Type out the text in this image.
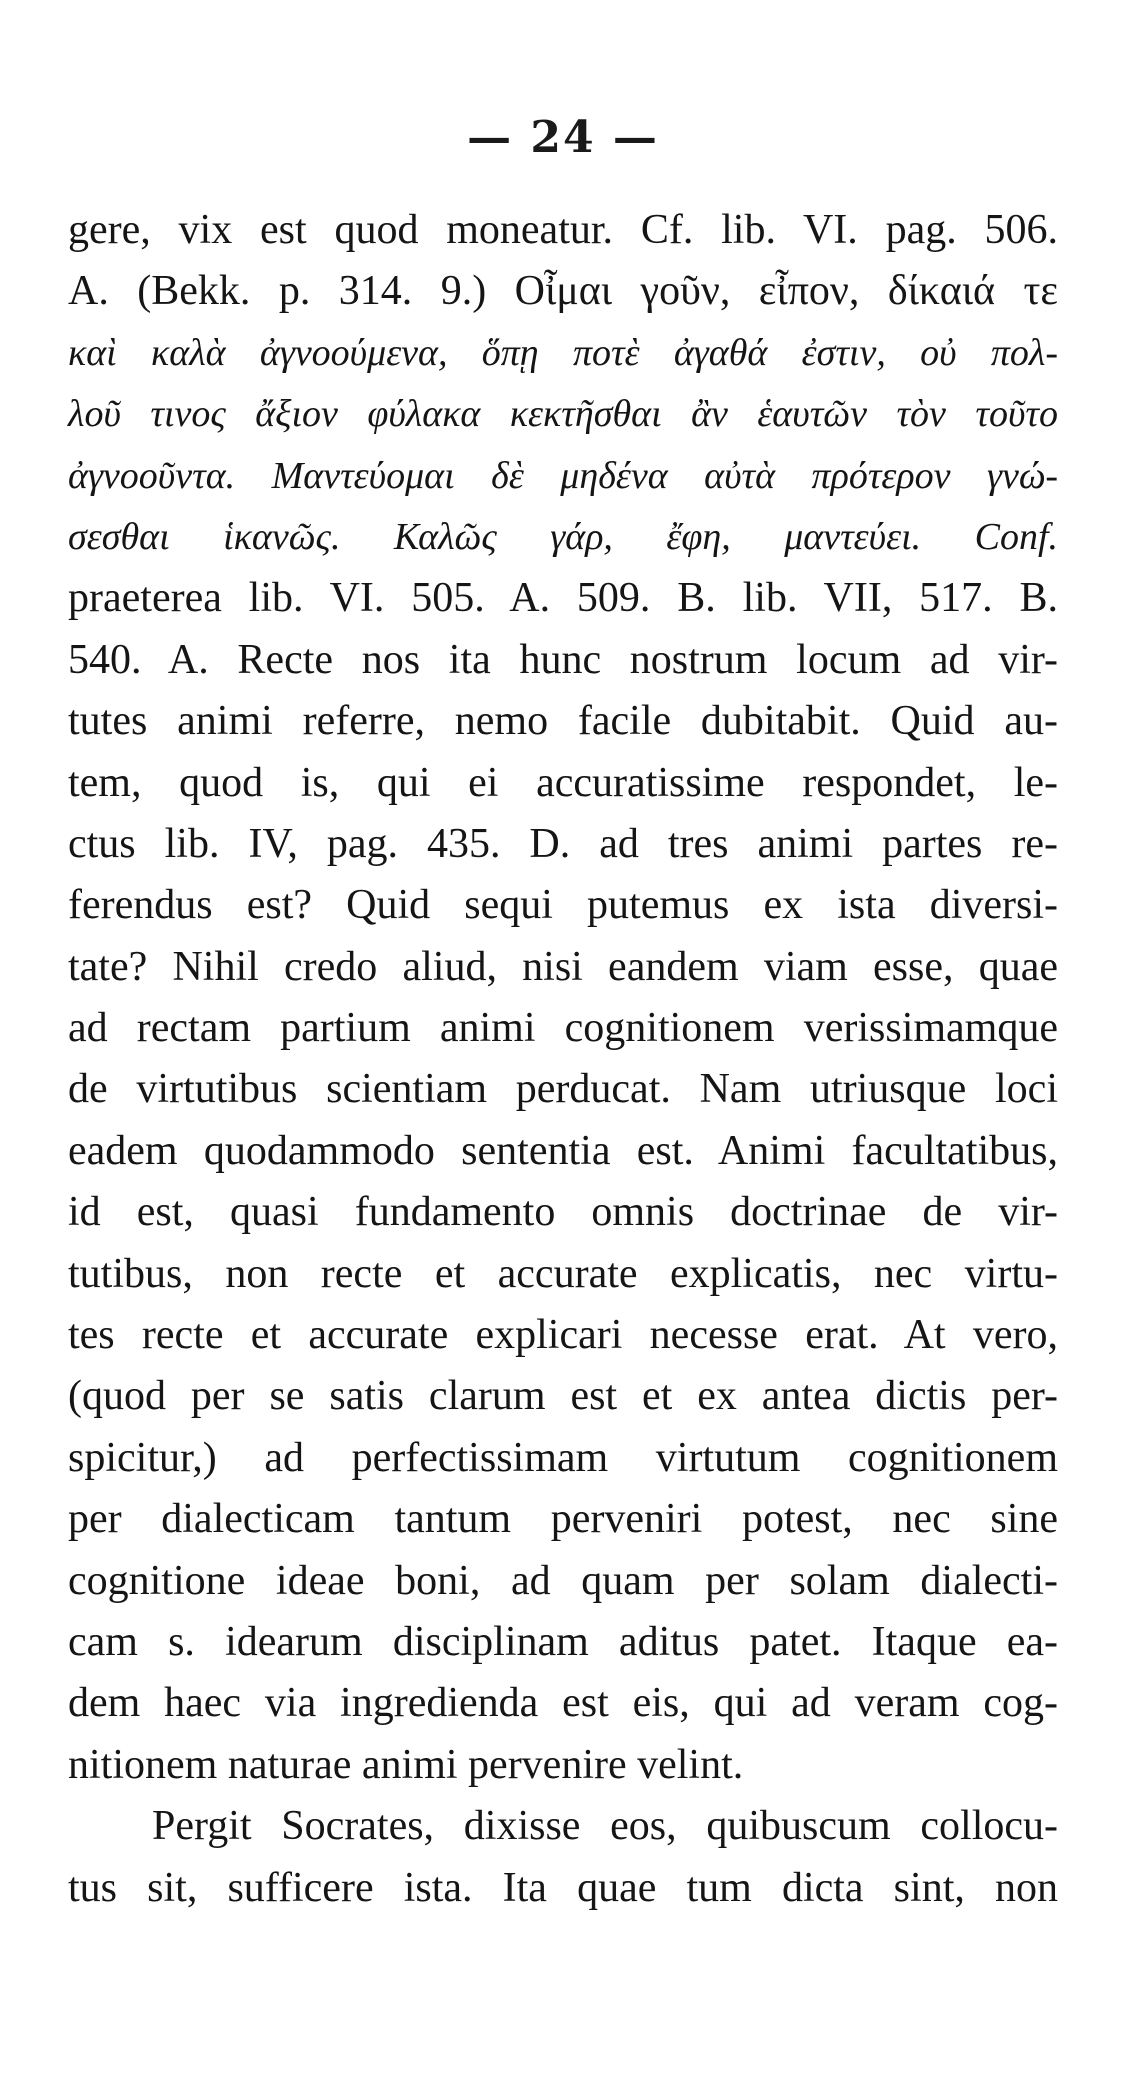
— 24 —
gere, vix est quod moneatur. Cf. lib. VI. pag. 506.
A. (Bekk. p. 314. 9.) Οἶμαι γοῦν, εἶπον, δίκαιά τε
καὶ καλὰ ἀγνοούμενα, ὅπῃ ποτὲ ἀγαθά ἐστιν, οὐ πολ-
λοῦ τινος ἄξιον φύλακα κεκτῆσθαι ἂν ἑαυτῶν τὸν τοῦτο
ἀγνοοῦντα. Μαντεύομαι δὲ μηδένα αὐτὰ πρότερον γνώ-
σεσθαι ἱκανῶς. Καλῶς γάρ, ἔφη, μαντεύει. Conf.
praeterea lib. VI. 505. A. 509. B. lib. VII, 517. B.
540. A. Recte nos ita hunc nostrum locum ad vir-
tutes animi referre, nemo facile dubitabit. Quid au-
tem, quod is, qui ei accuratissime respondet, le-
ctus lib. IV, pag. 435. D. ad tres animi partes re-
ferendus est? Quid sequi putemus ex ista diversi-
tate? Nihil credo aliud, nisi eandem viam esse, quae
ad rectam partium animi cognitionem verissimamque
de virtutibus scientiam perducat. Nam utriusque loci
eadem quodammodo sententia est. Animi facultatibus,
id est, quasi fundamento omnis doctrinae de vir-
tutibus, non recte et accurate explicatis, nec virtu-
tes recte et accurate explicari necesse erat. At vero,
(quod per se satis clarum est et ex antea dictis per-
spicitur,) ad perfectissimam virtutum cognitionem
per dialecticam tantum perveniri potest, nec sine
cognitione ideae boni, ad quam per solam dialecti-
cam s. idearum disciplinam aditus patet. Itaque ea-
dem haec via ingredienda est eis, qui ad veram cog-
nitionem naturae animi pervenire velint.
Pergit Socrates, dixisse eos, quibuscum collocu-
tus sit, sufficere ista. Ita quae tum dicta sint, non
